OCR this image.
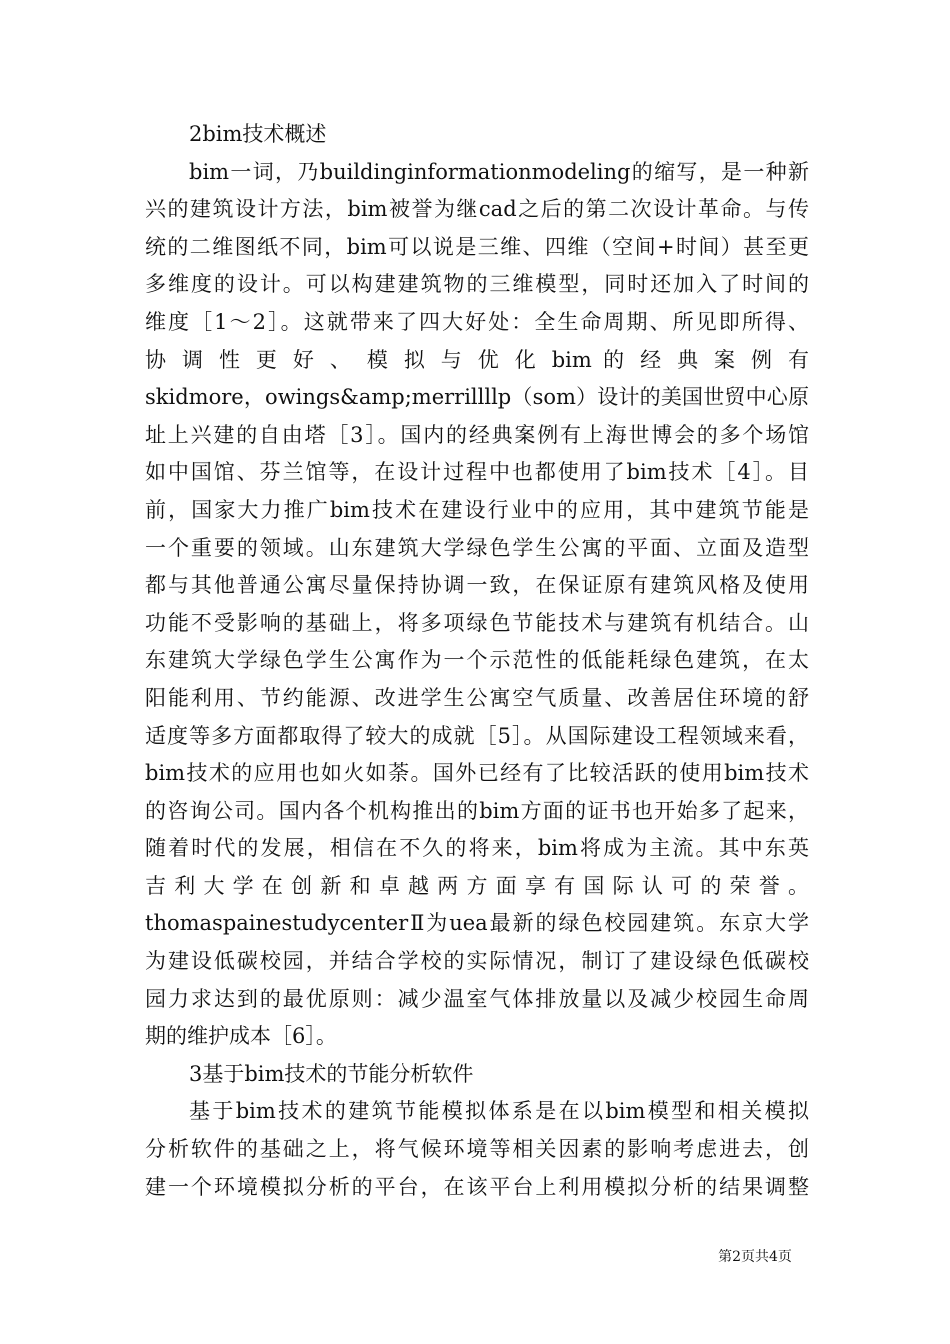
2bim技术概述
bim一词，乃buildinginformationmodeling的缩写，是一种新
兴的建筑设计方法，bim被誉为继cad之后的第二次设计革命。与传
统的二维图纸不同，bim可以说是三维、四维（空间+时间）甚至更
多维度的设计。可以构建建筑物的三维模型，同时还加入了时间的
维度［1～2］。这就带来了四大好处：全生命周期、所见即所得、
协 调 性 更 好 、 模 拟 与 优 化 bim 的 经 典 案 例 有
skidmore，owings&amp;merrillllp（som）设计的美国世贸中心原
址上兴建的自由塔［3］。国内的经典案例有上海世博会的多个场馆
如中国馆、芬兰馆等，在设计过程中也都使用了bim技术［4］。目
前，国家大力推广bim技术在建设行业中的应用，其中建筑节能是
一个重要的领域。山东建筑大学绿色学生公寓的平面、立面及造型
都与其他普通公寓尽量保持协调一致，在保证原有建筑风格及使用
功能不受影响的基础上，将多项绿色节能技术与建筑有机结合。山
东建筑大学绿色学生公寓作为一个示范性的低能耗绿色建筑，在太
阳能利用、节约能源、改进学生公寓空气质量、改善居住环境的舒
适度等多方面都取得了较大的成就［5］。从国际建设工程领域来看，
bim技术的应用也如火如荼。国外已经有了比较活跃的使用bim技术
的咨询公司。国内各个机构推出的bim方面的证书也开始多了起来，
随着时代的发展，相信在不久的将来，bim将成为主流。其中东英
吉 利 大 学 在 创 新 和 卓 越 两 方 面 享 有 国 际 认 可 的 荣 誉 。
thomaspainestudycenterⅡ为uea最新的绿色校园建筑。东京大学
为建设低碳校园，并结合学校的实际情况，制订了建设绿色低碳校
园力求达到的最优原则：减少温室气体排放量以及减少校园生命周
期的维护成本［6］。
3基于bim技术的节能分析软件
基于bim技术的建筑节能模拟体系是在以bim模型和相关模拟
分析软件的基础之上，将气候环境等相关因素的影响考虑进去，创
建一个环境模拟分析的平台，在该平台上利用模拟分析的结果调整
第2页共4页
